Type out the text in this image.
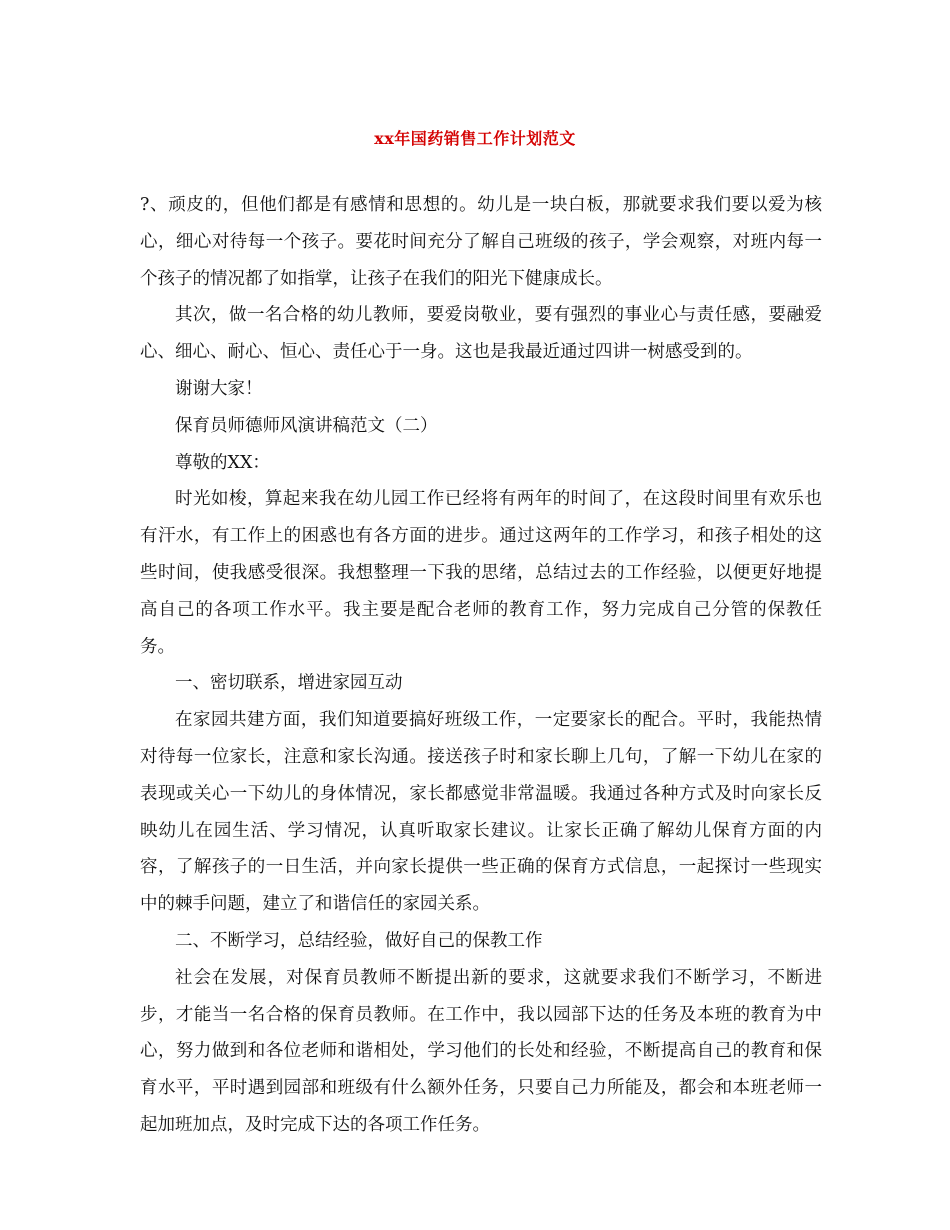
xx年国药销售工作计划范文

?、顽皮的，但他们都是有感情和思想的。幼儿是一块白板，那就要求我们要以爱为核心，细心对待每一个孩子。要花时间充分了解自己班级的孩子，学会观察，对班内每一个孩子的情况都了如指掌，让孩子在我们的阳光下健康成长。

其次，做一名合格的幼儿教师，要爱岗敬业，要有强烈的事业心与责任感，要融爱心、细心、耐心、恒心、责任心于一身。这也是我最近通过四讲一树感受到的。

谢谢大家！

保育员师德师风演讲稿范文（二）

尊敬的XX：

时光如梭，算起来我在幼儿园工作已经将有两年的时间了，在这段时间里有欢乐也有汗水，有工作上的困惑也有各方面的进步。通过这两年的工作学习，和孩子相处的这些时间，使我感受很深。我想整理一下我的思绪，总结过去的工作经验，以便更好地提高自己的各项工作水平。我主要是配合老师的教育工作，努力完成自己分管的保教任务。

一、密切联系，增进家园互动

在家园共建方面，我们知道要搞好班级工作，一定要家长的配合。平时，我能热情对待每一位家长，注意和家长沟通。接送孩子时和家长聊上几句，了解一下幼儿在家的表现或关心一下幼儿的身体情况，家长都感觉非常温暖。我通过各种方式及时向家长反映幼儿在园生活、学习情况，认真听取家长建议。让家长正确了解幼儿保育方面的内容，了解孩子的一日生活，并向家长提供一些正确的保育方式信息，一起探讨一些现实中的棘手问题，建立了和谐信任的家园关系。

二、不断学习，总结经验，做好自己的保教工作

社会在发展，对保育员教师不断提出新的要求，这就要求我们不断学习，不断进步，才能当一名合格的保育员教师。在工作中，我以园部下达的任务及本班的教育为中心，努力做到和各位老师和谐相处，学习他们的长处和经验，不断提高自己的教育和保育水平，平时遇到园部和班级有什么额外任务，只要自己力所能及，都会和本班老师一起加班加点，及时完成下达的各项工作任务。
